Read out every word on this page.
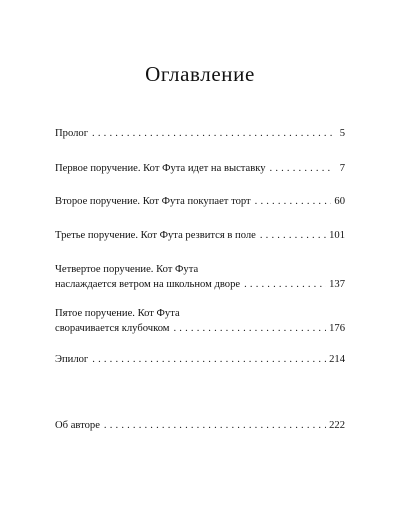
Оглавление
Пролог . . .	5
Первое поручение. Кот Фута идет на выставку . . .	7
Второе поручение. Кот Фута покупает торт . . .	60
Третье поручение. Кот Фута резвится в поле . . .	101
Четвертое поручение. Кот Фута
наслаждается ветром на школьном дворе . . .	137
Пятое поручение. Кот Фута
сворачивается клубочком . . .	176
Эпилог . . .	214
Об авторе . . .	222
